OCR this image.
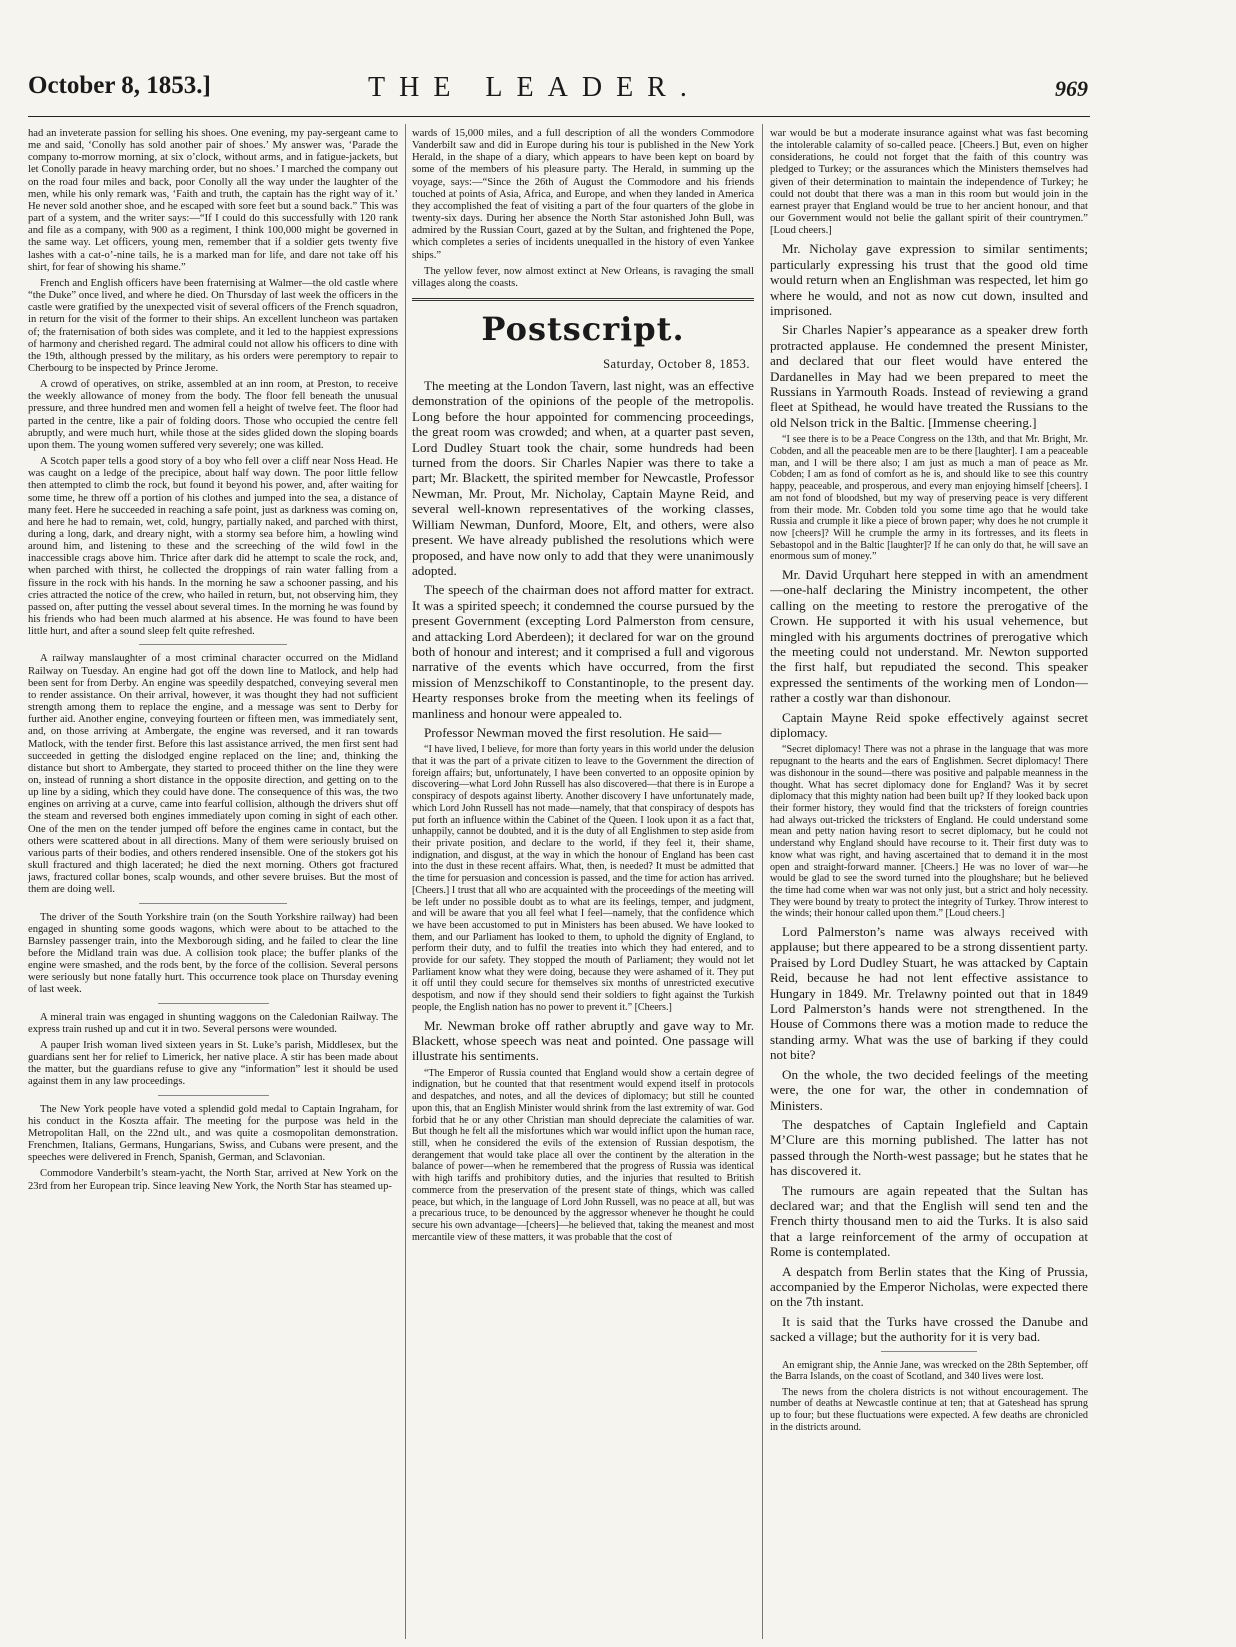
October 8, 1853.]	THE LEADER.	969

had an inveterate passion for selling his shoes. One evening, my pay-sergeant came to me and said, ‘Conolly has sold another pair of shoes.’ My answer was, ‘Parade the company to-morrow morning, at six o’clock, without arms, and in fatigue-jackets, but let Conolly parade in heavy marching order, but no shoes.’ I marched the company out on the road four miles and back, poor Conolly all the way under the laughter of the men, while his only remark was, ‘Faith and truth, the captain has the right way of it.’ He never sold another shoe, and he escaped with sore feet but a sound back.” This was part of a system, and the writer says:—“If I could do this successfully with 120 rank and file as a company, with 900 as a regiment, I think 100,000 might be governed in the same way. Let officers, young men, remember that if a soldier gets twenty five lashes with a cat-o’-nine tails, he is a marked man for life, and dare not take off his shirt, for fear of showing his shame.”

French and English officers have been fraternising at Walmer—the old castle where “the Duke” once lived, and where he died. On Thursday of last week the officers in the castle were gratified by the unexpected visit of several officers of the French squadron, in return for the visit of the former to their ships. An excellent luncheon was partaken of; the fraternisation of both sides was complete, and it led to the happiest expressions of harmony and cherished regard. The admiral could not allow his officers to dine with the 19th, although pressed by the military, as his orders were peremptory to repair to Cherbourg to be inspected by Prince Jerome.

A crowd of operatives, on strike, assembled at an inn room, at Preston, to receive the weekly allowance of money from the body. The floor fell beneath the unusual pressure, and three hundred men and women fell a height of twelve feet. The floor had parted in the centre, like a pair of folding doors. Those who occupied the centre fell abruptly, and were much hurt, while those at the sides glided down the sloping boards upon them. The young women suffered very severely; one was killed.

A Scotch paper tells a good story of a boy who fell over a cliff near Noss Head. He was caught on a ledge of the precipice, about half way down. The poor little fellow then attempted to climb the rock, but found it beyond his power, and, after waiting for some time, he threw off a portion of his clothes and jumped into the sea, a distance of many feet. Here he succeeded in reaching a safe point, just as darkness was coming on, and here he had to remain, wet, cold, hungry, partially naked, and parched with thirst, during a long, dark, and dreary night, with a stormy sea before him, a howling wind around him, and listening to these and the screeching of the wild fowl in the inaccessible crags above him. Thrice after dark did he attempt to scale the rock, and, when parched with thirst, he collected the droppings of rain water falling from a fissure in the rock with his hands. In the morning he saw a schooner passing, and his cries attracted the notice of the crew, who hailed in return, but, not observing him, they passed on, after putting the vessel about several times. In the morning he was found by his friends who had been much alarmed at his absence. He was found to have been little hurt, and after a sound sleep felt quite refreshed.

A railway manslaughter of a most criminal character occurred on the Midland Railway on Tuesday. An engine had got off the down line to Matlock, and help had been sent for from Derby. An engine was speedily despatched, conveying several men to render assistance. On their arrival, however, it was thought they had not sufficient strength among them to replace the engine, and a message was sent to Derby for further aid. Another engine, conveying fourteen or fifteen men, was immediately sent, and, on those arriving at Ambergate, the engine was reversed, and it ran towards Matlock, with the tender first. Before this last assistance arrived, the men first sent had succeeded in getting the dislodged engine replaced on the line; and, thinking the distance but short to Ambergate, they started to proceed thither on the line they were on, instead of running a short distance in the opposite direction, and getting on to the up line by a siding, which they could have done. The consequence of this was, the two engines on arriving at a curve, came into fearful collision, although the drivers shut off the steam and reversed both engines immediately upon coming in sight of each other. One of the men on the tender jumped off before the engines came in contact, but the others were scattered about in all directions. Many of them were seriously bruised on various parts of their bodies, and others rendered insensible. One of the stokers got his skull fractured and thigh lacerated; he died the next morning. Others got fractured jaws, fractured collar bones, scalp wounds, and other severe bruises. But the most of them are doing well.

The driver of the South Yorkshire train (on the South Yorkshire railway) had been engaged in shunting some goods wagons, which were about to be attached to the Barnsley passenger train, into the Mexborough siding, and he failed to clear the line before the Midland train was due. A collision took place; the buffer planks of the engine were smashed, and the rods bent, by the force of the collision. Several persons were seriously but none fatally hurt. This occurrence took place on Thursday evening of last week.

A mineral train was engaged in shunting waggons on the Caledonian Railway. The express train rushed up and cut it in two. Several persons were wounded.

A pauper Irish woman lived sixteen years in St. Luke’s parish, Middlesex, but the guardians sent her for relief to Limerick, her native place. A stir has been made about the matter, but the guardians refuse to give any “information” lest it should be used against them in any law proceedings.

The New York people have voted a splendid gold medal to Captain Ingraham, for his conduct in the Koszta affair. The meeting for the purpose was held in the Metropolitan Hall, on the 22nd ult., and was quite a cosmopolitan demonstration. Frenchmen, Italians, Germans, Hungarians, Swiss, and Cubans were present, and the speeches were delivered in French, Spanish, German, and Sclavonian.

Commodore Vanderbilt’s steam-yacht, the North Star, arrived at New York on the 23rd from her European trip. Since leaving New York, the North Star has steamed up-

wards of 15,000 miles, and a full description of all the wonders Commodore Vanderbilt saw and did in Europe during his tour is published in the New York Herald, in the shape of a diary, which appears to have been kept on board by some of the members of his pleasure party. The Herald, in summing up the voyage, says:—“Since the 26th of August the Commodore and his friends touched at points of Asia, Africa, and Europe, and when they landed in America they accomplished the feat of visiting a part of the four quarters of the globe in twenty-six days. During her absence the North Star astonished John Bull, was admired by the Russian Court, gazed at by the Sultan, and frightened the Pope, which completes a series of incidents unequalled in the history of even Yankee ships.”

The yellow fever, now almost extinct at New Orleans, is ravaging the small villages along the coasts.

Postscript.
Saturday, October 8, 1853.

The meeting at the London Tavern, last night, was an effective demonstration of the opinions of the people of the metropolis. Long before the hour appointed for commencing proceedings, the great room was crowded; and when, at a quarter past seven, Lord Dudley Stuart took the chair, some hundreds had been turned from the doors. Sir Charles Napier was there to take a part; Mr. Blackett, the spirited member for Newcastle, Professor Newman, Mr. Prout, Mr. Nicholay, Captain Mayne Reid, and several well-known representatives of the working classes, William Newman, Dunford, Moore, Elt, and others, were also present. We have already published the resolutions which were proposed, and have now only to add that they were unanimously adopted.

The speech of the chairman does not afford matter for extract. It was a spirited speech; it condemned the course pursued by the present Government (excepting Lord Palmerston from censure, and attacking Lord Aberdeen); it declared for war on the ground both of honour and interest; and it comprised a full and vigorous narrative of the events which have occurred, from the first mission of Menzschikoff to Constantinople, to the present day. Hearty responses broke from the meeting when its feelings of manliness and honour were appealed to.

Professor Newman moved the first resolution. He said—

“I have lived, I believe, for more than forty years in this world under the delusion that it was the part of a private citizen to leave to the Government the direction of foreign affairs; but, unfortunately, I have been converted to an opposite opinion by discovering—what Lord John Russell has also discovered—that there is in Europe a conspiracy of despots against liberty. Another discovery I have unfortunately made, which Lord John Russell has not made—namely, that that conspiracy of despots has put forth an influence within the Cabinet of the Queen. I look upon it as a fact that, unhappily, cannot be doubted, and it is the duty of all Englishmen to step aside from their private position, and declare to the world, if they feel it, their shame, indignation, and disgust, at the way in which the honour of England has been cast into the dust in these recent affairs. What, then, is needed? It must be admitted that the time for persuasion and concession is passed, and the time for action has arrived. [Cheers.] I trust that all who are acquainted with the proceedings of the meeting will be left under no possible doubt as to what are its feelings, temper, and judgment, and will be aware that you all feel what I feel—namely, that the confidence which we have been accustomed to put in Ministers has been abused. We have looked to them, and our Parliament has looked to them, to uphold the dignity of England, to perform their duty, and to fulfil the treaties into which they had entered, and to provide for our safety. They stopped the mouth of Parliament; they would not let Parliament know what they were doing, because they were ashamed of it. They put it off until they could secure for themselves six months of unrestricted executive despotism, and now if they should send their soldiers to fight against the Turkish people, the English nation has no power to prevent it.” [Cheers.]

Mr. Newman broke off rather abruptly and gave way to Mr. Blackett, whose speech was neat and pointed. One passage will illustrate his sentiments.

“The Emperor of Russia counted that England would show a certain degree of indignation, but he counted that that resentment would expend itself in protocols and despatches, and notes, and all the devices of diplomacy; but still he counted upon this, that an English Minister would shrink from the last extremity of war. God forbid that he or any other Christian man should depreciate the calamities of war. But though he felt all the misfortunes which war would inflict upon the human race, still, when he considered the evils of the extension of Russian despotism, the derangement that would take place all over the continent by the alteration in the balance of power—when he remembered that the progress of Russia was identical with high tariffs and prohibitory duties, and the injuries that resulted to British commerce from the preservation of the present state of things, which was called peace, but which, in the language of Lord John Russell, was no peace at all, but was a precarious truce, to be denounced by the aggressor whenever he thought he could secure his own advantage—[cheers]—he believed that, taking the meanest and most mercantile view of these matters, it was probable that the cost of

war would be but a moderate insurance against what was fast becoming the intolerable calamity of so-called peace. [Cheers.] But, even on higher considerations, he could not forget that the faith of this country was pledged to Turkey; or the assurances which the Ministers themselves had given of their determination to maintain the independence of Turkey; he could not doubt that there was a man in this room but would join in the earnest prayer that England would be true to her ancient honour, and that our Government would not belie the gallant spirit of their countrymen.” [Loud cheers.]

Mr. Nicholay gave expression to similar sentiments; particularly expressing his trust that the good old time would return when an Englishman was respected, let him go where he would, and not as now cut down, insulted and imprisoned.

Sir Charles Napier’s appearance as a speaker drew forth protracted applause. He condemned the present Minister, and declared that our fleet would have entered the Dardanelles in May had we been prepared to meet the Russians in Yarmouth Roads. Instead of reviewing a grand fleet at Spithead, he would have treated the Russians to the old Nelson trick in the Baltic. [Immense cheering.]

“I see there is to be a Peace Congress on the 13th, and that Mr. Bright, Mr. Cobden, and all the peaceable men are to be there [laughter]. I am a peaceable man, and I will be there also; I am just as much a man of peace as Mr. Cobden; I am as fond of comfort as he is, and should like to see this country happy, peaceable, and prosperous, and every man enjoying himself [cheers]. I am not fond of bloodshed, but my way of preserving peace is very different from their mode. Mr. Cobden told you some time ago that he would take Russia and crumple it like a piece of brown paper; why does he not crumple it now [cheers]? Will he crumple the army in its fortresses, and its fleets in Sebastopol and in the Baltic [laughter]? If he can only do that, he will save an enormous sum of money.”

Mr. David Urquhart here stepped in with an amendment—one-half declaring the Ministry incompetent, the other calling on the meeting to restore the prerogative of the Crown. He supported it with his usual vehemence, but mingled with his arguments doctrines of prerogative which the meeting could not understand. Mr. Newton supported the first half, but repudiated the second. This speaker expressed the sentiments of the working men of London—rather a costly war than dishonour.

Captain Mayne Reid spoke effectively against secret diplomacy.

“Secret diplomacy! There was not a phrase in the language that was more repugnant to the hearts and the ears of Englishmen. Secret diplomacy! There was dishonour in the sound—there was positive and palpable meanness in the thought. What has secret diplomacy done for England? Was it by secret diplomacy that this mighty nation had been built up? If they looked back upon their former history, they would find that the tricksters of foreign countries had always out-tricked the tricksters of England. He could understand some mean and petty nation having resort to secret diplomacy, but he could not understand why England should have recourse to it. Their first duty was to know what was right, and having ascertained that to demand it in the most open and straight-forward manner. [Cheers.] He was no lover of war—he would be glad to see the sword turned into the ploughshare; but he believed the time had come when war was not only just, but a strict and holy necessity. They were bound by treaty to protect the integrity of Turkey. Throw interest to the winds; their honour called upon them.” [Loud cheers.]

Lord Palmerston’s name was always received with applause; but there appeared to be a strong dissentient party. Praised by Lord Dudley Stuart, he was attacked by Captain Reid, because he had not lent effective assistance to Hungary in 1849. Mr. Trelawny pointed out that in 1849 Lord Palmerston’s hands were not strengthened. In the House of Commons there was a motion made to reduce the standing army. What was the use of barking if they could not bite?

On the whole, the two decided feelings of the meeting were, the one for war, the other in condemnation of Ministers.

The despatches of Captain Inglefield and Captain M’Clure are this morning published. The latter has not passed through the North-west passage; but he states that he has discovered it.

The rumours are again repeated that the Sultan has declared war; and that the English will send ten and the French thirty thousand men to aid the Turks. It is also said that a large reinforcement of the army of occupation at Rome is contemplated.

A despatch from Berlin states that the King of Prussia, accompanied by the Emperor Nicholas, were expected there on the 7th instant.

It is said that the Turks have crossed the Danube and sacked a village; but the authority for it is very bad.

An emigrant ship, the Annie Jane, was wrecked on the 28th September, off the Barra Islands, on the coast of Scotland, and 340 lives were lost.

The news from the cholera districts is not without encouragement. The number of deaths at Newcastle continue at ten; that at Gateshead has sprung up to four; but these fluctuations were expected. A few deaths are chronicled in the districts around.
